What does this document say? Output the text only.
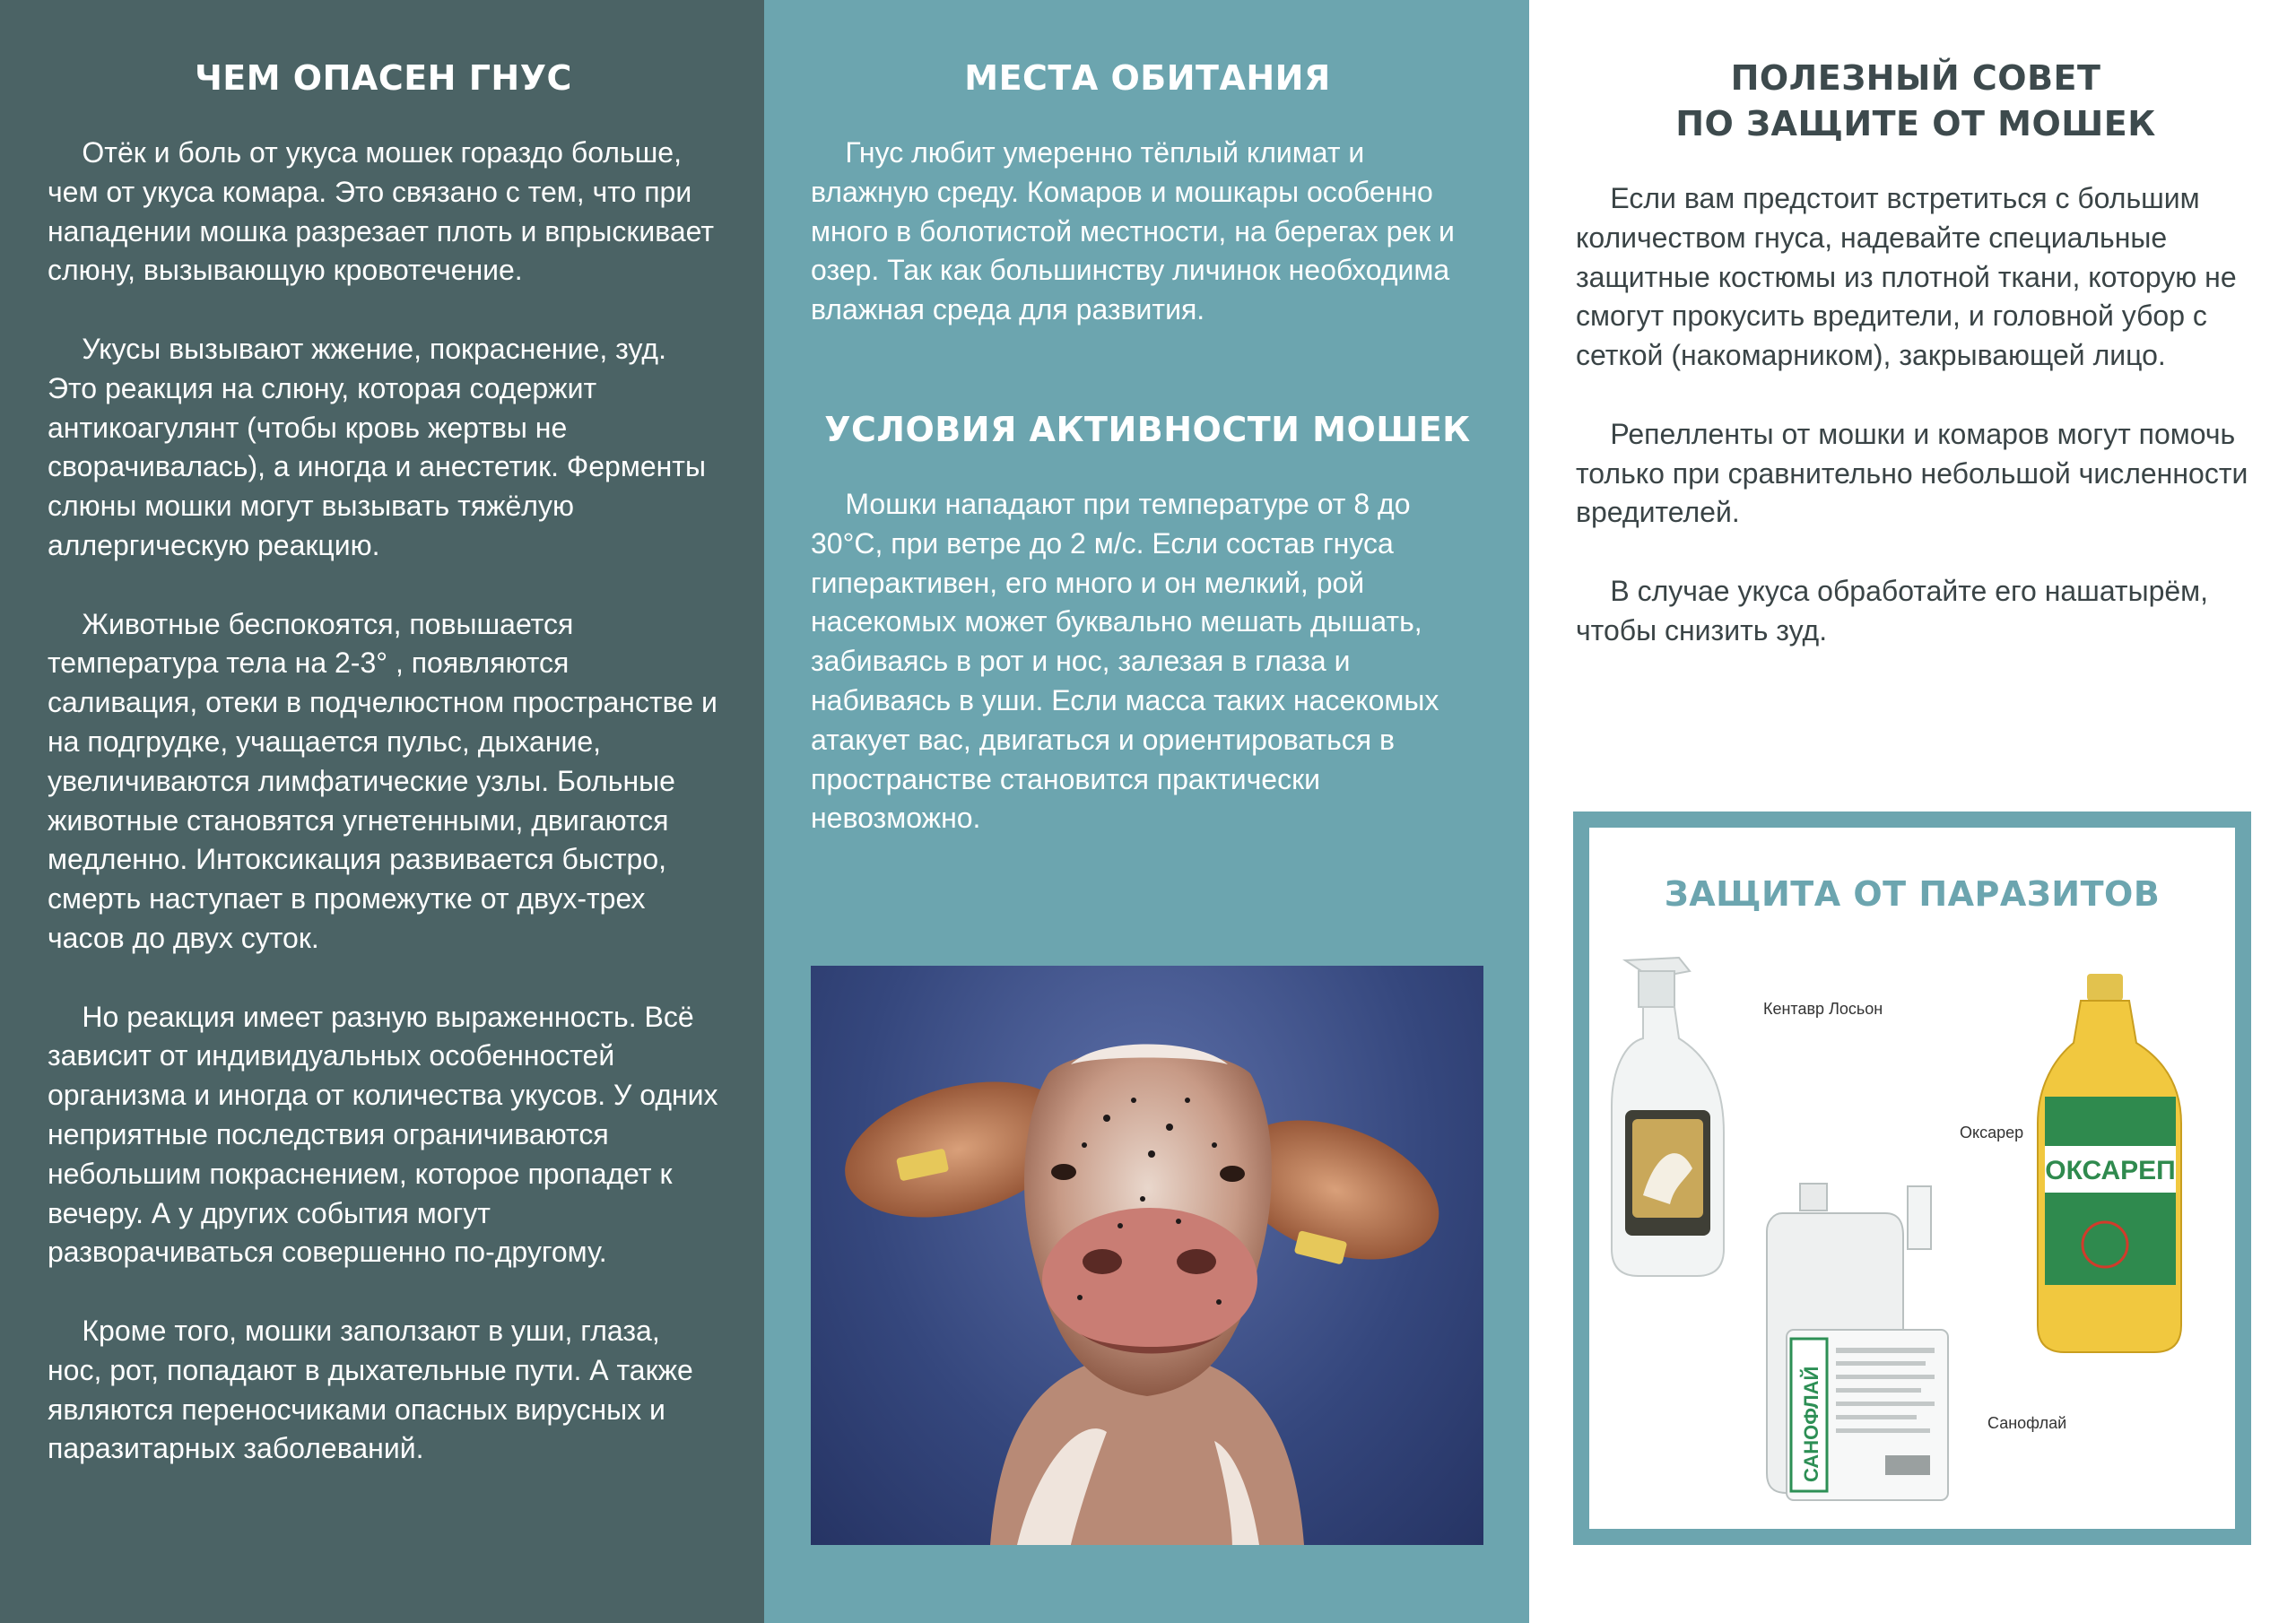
ЧЕМ ОПАСЕН ГНУС

Отёк и боль от укуса мошек гораздо больше, чем от укуса комара. Это связано с тем, что при нападении мошка разрезает плоть и впрыскивает слюну, вызывающую кровотечение.

Укусы вызывают жжение, покраснение, зуд. Это реакция на слюну, которая содержит антикоагулянт (чтобы кровь жертвы не сворачивалась), а иногда и анестетик. Ферменты слюны мошки могут вызывать тяжёлую аллергическую реакцию.

Животные беспокоятся, повышается температура тела на 2-3° , появляются саливация, отеки в подчелюстном пространстве и на подгрудке, учащается пульс, дыхание, увеличиваются лимфатические узлы. Больные животные становятся угнетенными, двигаются медленно. Интоксикация развивается быстро, смерть наступает в промежутке от двух-трех часов до двух суток.

Но реакция имеет разную выраженность. Всё зависит от индивидуальных особенностей организма и иногда от количества укусов. У одних неприятные последствия ограничиваются небольшим покраснением, которое пропадет к вечеру. А у других события могут разворачиваться совершенно по-другому.

Кроме того, мошки заползают в уши, глаза, нос, рот, попадают в дыхательные пути. А также являются переносчиками опасных вирусных и паразитарных заболеваний.

МЕСТА ОБИТАНИЯ

Гнус любит умеренно тёплый климат и влажную среду. Комаров и мошкары особенно много в болотистой местности, на берегах рек и озер. Так как большинству личинок необходима влажная среда для развития.

УСЛОВИЯ АКТИВНОСТИ МОШЕК

Мошки нападают при температуре от 8 до 30°C, при ветре до 2 м/с. Если состав гнуса гиперактивен, его много и он мелкий, рой насекомых может буквально мешать дышать, забиваясь в рот и нос, залезая в глаза и набиваясь в уши. Если масса таких насекомых атакует вас, двигаться и ориентироваться в пространстве становится практически невозможно.

ПОЛЕЗНЫЙ СОВЕТ
ПО ЗАЩИТЕ ОТ МОШЕК

Если вам предстоит встретиться с большим количеством гнуса, надевайте специальные защитные костюмы из плотной ткани, которую не смогут прокусить вредители, и головной убор с сеткой (накомарником), закрывающей лицо.

Репелленты от мошки и комаров могут помочь только при сравнительно небольшой численности вредителей.

В случае укуса обработайте его нашатырём, чтобы снизить зуд.

ЗАЩИТА ОТ ПАРАЗИТОВ
ОКСАРЕП
САНОФЛАЙ
Кентавр Лосьон
Оксарер
Санофлай
